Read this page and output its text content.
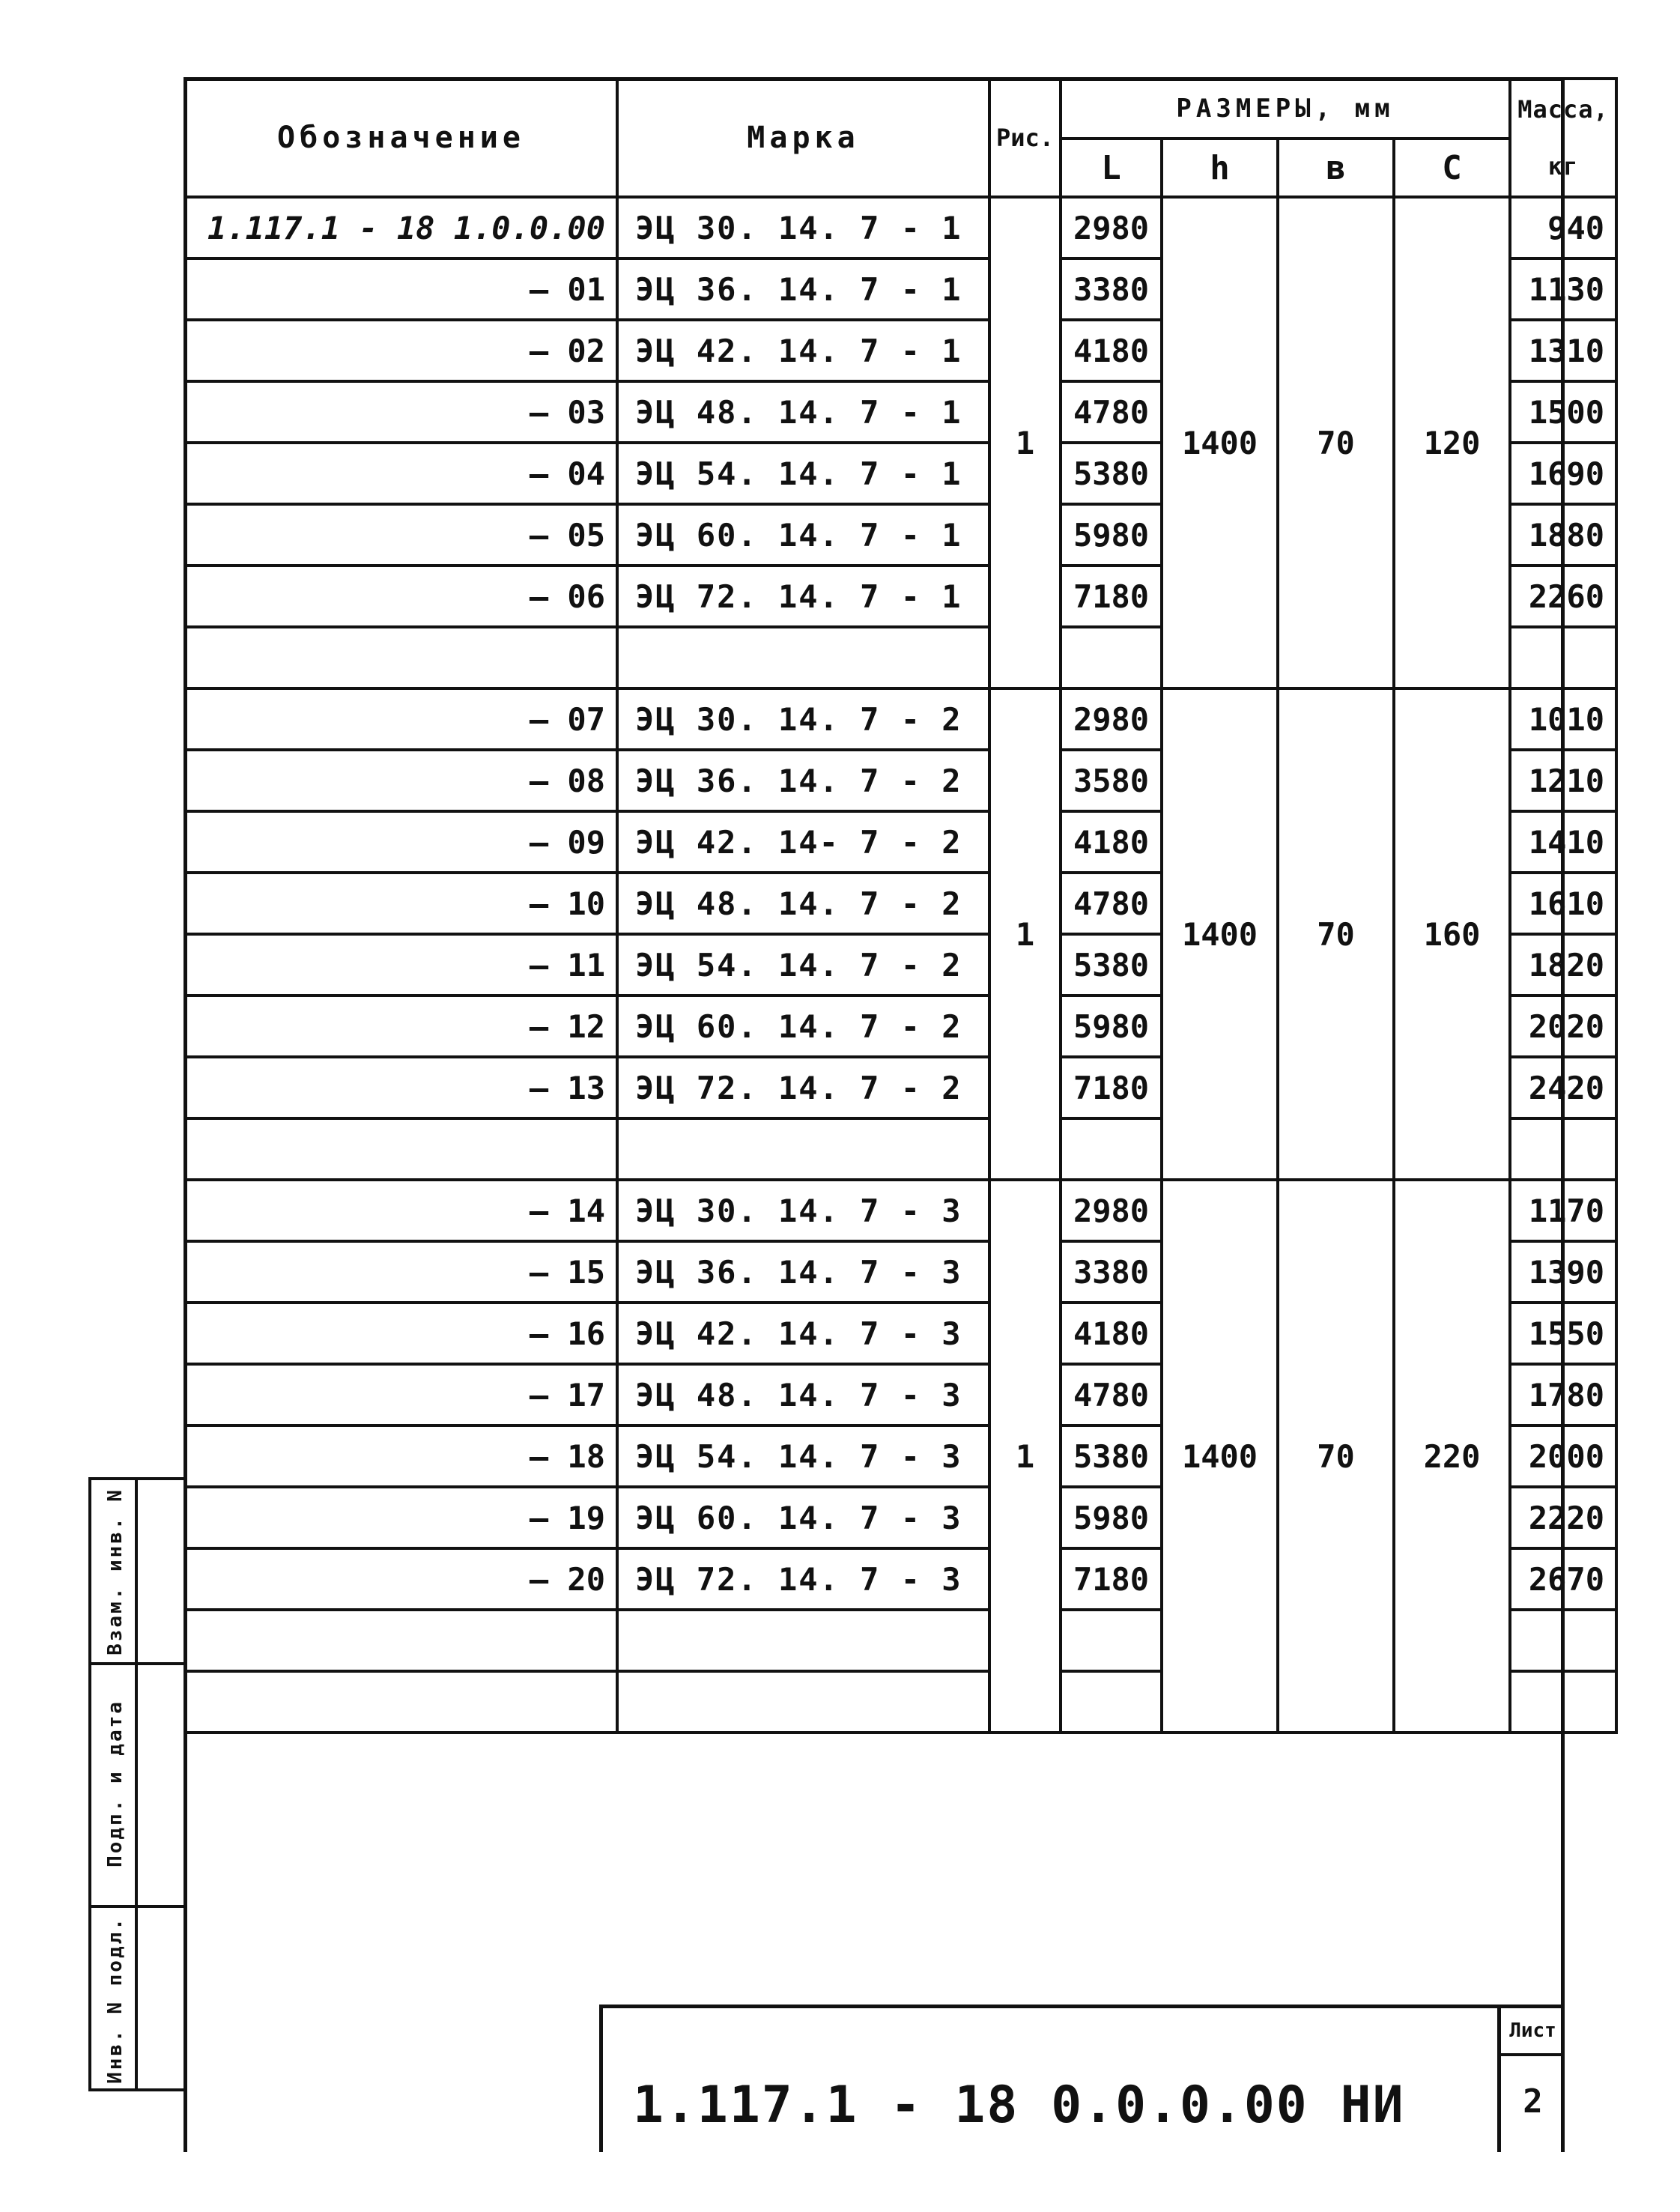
Обозначение	Марка	Рис.	РАЗМЕРЫ, мм				Масса, кг
			L	h	в	С	
1.117.1 - 18 1.0.0.00	ЭЦ 30. 14. 7 - 1	1	2980	1400	70	120	940
— 01	ЭЦ 36. 14. 7 - 1		3380				1130
— 02	ЭЦ 42. 14. 7 - 1		4180				1310
— 03	ЭЦ 48. 14. 7 - 1		4780				1500
— 04	ЭЦ 54. 14. 7 - 1		5380				1690
— 05	ЭЦ 60. 14. 7 - 1		5980				1880
— 06	ЭЦ 72. 14. 7 - 1		7180				2260

— 07	ЭЦ 30. 14. 7 - 2	1	2980	1400	70	160	1010
— 08	ЭЦ 36. 14. 7 - 2		3580				1210
— 09	ЭЦ 42. 14- 7 - 2		4180				1410
— 10	ЭЦ 48. 14. 7 - 2		4780				1610
— 11	ЭЦ 54. 14. 7 - 2		5380				1820
— 12	ЭЦ 60. 14. 7 - 2		5980				2020
— 13	ЭЦ 72. 14. 7 - 2		7180				2420

— 14	ЭЦ 30. 14. 7 - 3	1	2980	1400	70	220	1170
— 15	ЭЦ 36. 14. 7 - 3		3380				1390
— 16	ЭЦ 42. 14. 7 - 3		4180				1550
— 17	ЭЦ 48. 14. 7 - 3		4780				1780
— 18	ЭЦ 54. 14. 7 - 3		5380				2000
— 19	ЭЦ 60. 14. 7 - 3		5980				2220
— 20	ЭЦ 72. 14. 7 - 3		7180				2670

Взам. инв. N
Подп. и дата
Инв. N подл.
1.117.1 - 18 0.0.0.00 НИ
Лист
2
